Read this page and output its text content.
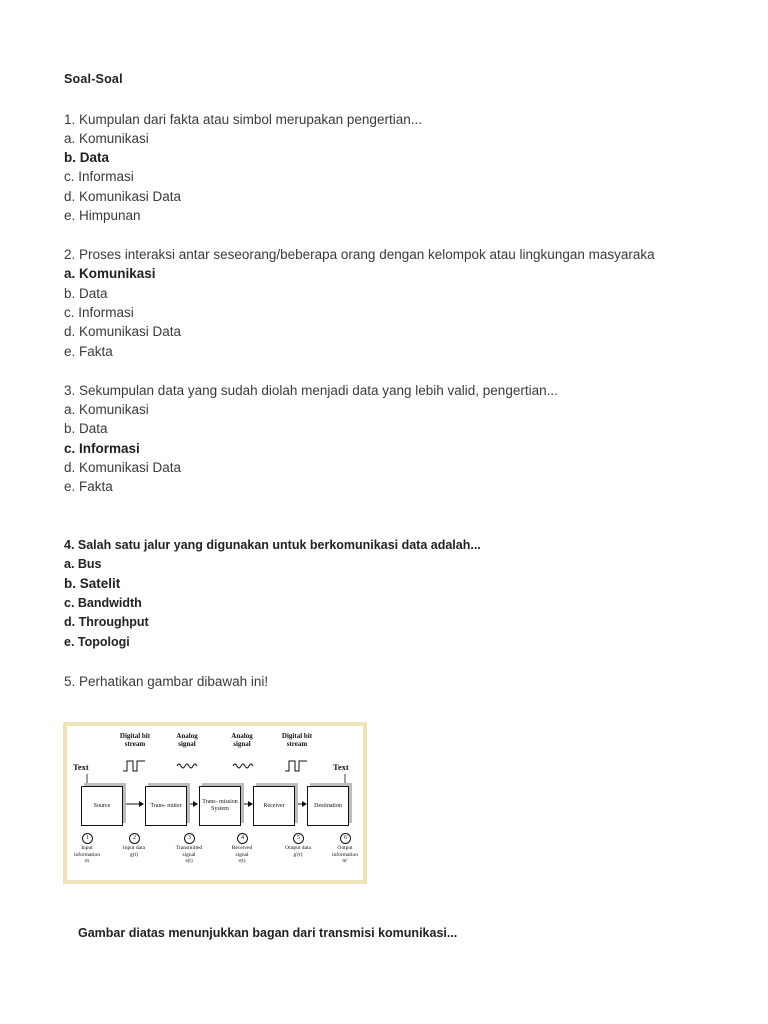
Soal-Soal
1. Kumpulan dari fakta atau simbol merupakan pengertian...
a. Komunikasi
b. Data
c. Informasi
d. Komunikasi Data
e. Himpunan
2. Proses interaksi antar seseorang/beberapa orang dengan kelompok atau lingkungan masyaraka
a. Komunikasi
b. Data
c. Informasi
d. Komunikasi Data
e. Fakta
3. Sekumpulan data yang sudah diolah menjadi data yang lebih valid, pengertian...
a. Komunikasi
b. Data
c. Informasi
d. Komunikasi Data
e. Fakta
4. Salah satu jalur yang digunakan untuk berkomunikasi data adalah...
a. Bus
b. Satelit
c. Bandwidth
d. Throughput
e. Topologi
5. Perhatikan gambar dibawah ini!
Digital bit
stream
Analog
signal
Analog
signal
Digital bit
stream
Text	Text
Source	Trans- mitter
Trans- mission System
Receiver	Destination
1	2	3	4	5	6
Input
information
m
Input data
g(t)
Transmitted
signal
s(t)
Received
signal
r(t)
Output data
g'(t)
Output
information
m'
Gambar diatas menunjukkan bagan dari transmisi komunikasi...
